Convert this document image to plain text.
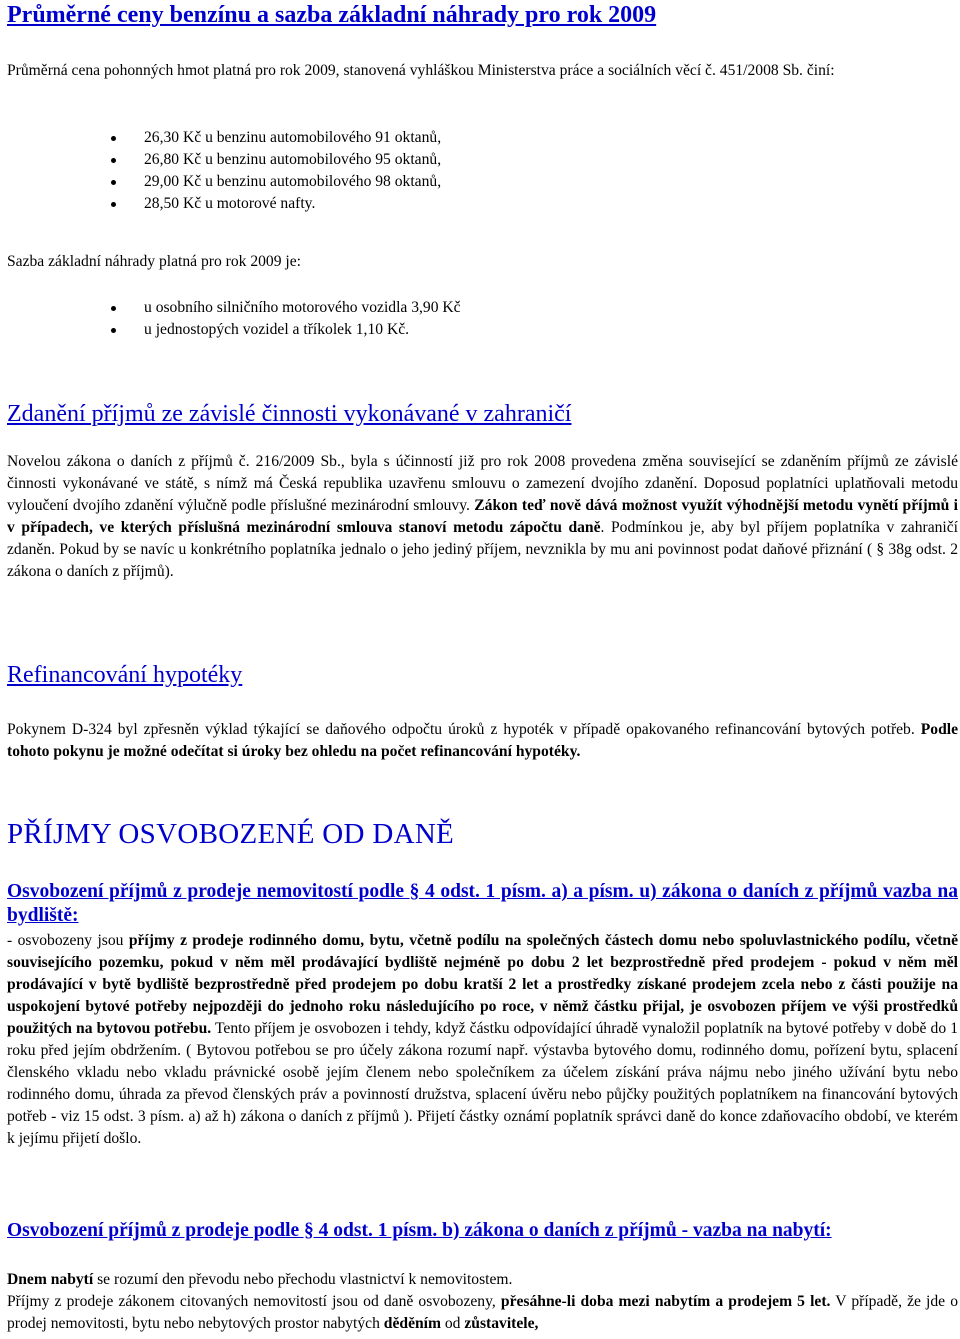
Průměrné ceny benzínu a sazba základní náhrady pro rok 2009

Průměrná cena pohonných hmot platná pro rok 2009, stanovená vyhláškou Ministerstva práce a sociálních věcí č. 451/2008 Sb. činí:

26,30 Kč u benzinu automobilového 91 oktanů,
26,80 Kč u benzinu automobilového 95 oktanů,
29,00 Kč u benzinu automobilového 98 oktanů,
28,50 Kč u motorové nafty.

Sazba základní náhrady platná pro rok 2009 je:

u osobního silničního motorového vozidla 3,90 Kč
u jednostopých vozidel a tříkolek 1,10 Kč.
Zdanění příjmů ze závislé činnosti vykonávané v zahraničí

Novelou zákona o daních z příjmů č. 216/2009 Sb., byla s účinností již pro rok 2008 provedena změna související se zdaněním příjmů ze závislé činnosti vykonávané ve státě, s nímž má Česká republika uzavřenu smlouvu o zamezení dvojího zdanění. Doposud poplatníci uplatňovali metodu vyloučení dvojího zdanění výlučně podle příslušné mezinárodní smlouvy. Zákon teď nově dává možnost využít výhodnější metodu vynětí příjmů i v případech, ve kterých příslušná mezinárodní smlouva stanoví metodu zápočtu daně. Podmínkou je, aby byl příjem poplatníka v zahraničí zdaněn. Pokud by se navíc u konkrétního poplatníka jednalo o jeho jediný příjem, nevznikla by mu ani povinnost podat daňové přiznání ( § 38g odst. 2 zákona o daních z příjmů).

Refinancování hypotéky

Pokynem D-324 byl zpřesněn výklad týkající se daňového odpočtu úroků z hypoték v případě opakovaného refinancování bytových potřeb. Podle tohoto pokynu je možné odečítat si úroky bez ohledu na počet refinancování hypotéky.

PŘÍJMY OSVOBOZENÉ OD DANĚ

Osvobození příjmů z prodeje nemovitostí podle § 4 odst. 1 písm. a) a písm. u) zákona o daních z příjmů vazba na bydliště:

- osvobozeny jsou příjmy z prodeje rodinného domu, bytu, včetně podílu na společných částech domu nebo spoluvlastnického podílu, včetně souvisejícího pozemku, pokud v něm měl prodávající bydliště nejméně po dobu 2 let bezprostředně před prodejem - pokud v něm měl prodávající v bytě bydliště bezprostředně před prodejem po dobu kratší 2 let a prostředky získané prodejem zcela nebo z části použije na uspokojení bytové potřeby nejpozději do jednoho roku následujícího po roce, v němž částku přijal, je osvobozen příjem ve výši prostředků použitých na bytovou potřebu. Tento příjem je osvobozen i tehdy, když částku odpovídající úhradě vynaložil poplatník na bytové potřeby v době do 1 roku před jejím obdržením. ( Bytovou potřebou se pro účely zákona rozumí např. výstavba bytového domu, rodinného domu, pořízení bytu, splacení členského vkladu nebo vkladu právnické osobě jejím členem nebo společníkem za účelem získání práva nájmu nebo jiného užívání bytu nebo rodinného domu, úhrada za převod členských práv a povinností družstva, splacení úvěru nebo půjčky použitých poplatníkem na financování bytových potřeb - viz 15 odst. 3 písm. a) až h) zákona o daních z příjmů ). Přijetí částky oznámí poplatník správci daně do konce zdaňovacího období, ve kterém k jejímu přijetí došlo.

Osvobození příjmů z prodeje podle § 4 odst. 1 písm. b) zákona o daních z příjmů - vazba na nabytí:

Dnem nabytí se rozumí den převodu nebo přechodu vlastnictví k nemovitostem.

Příjmy z prodeje zákonem citovaných nemovitostí jsou od daně osvobozeny, přesáhne-li doba mezi nabytím a prodejem 5 let. V případě, že jde o prodej nemovitosti, bytu nebo nebytových prostor nabytých děděním od zůstavitele,
